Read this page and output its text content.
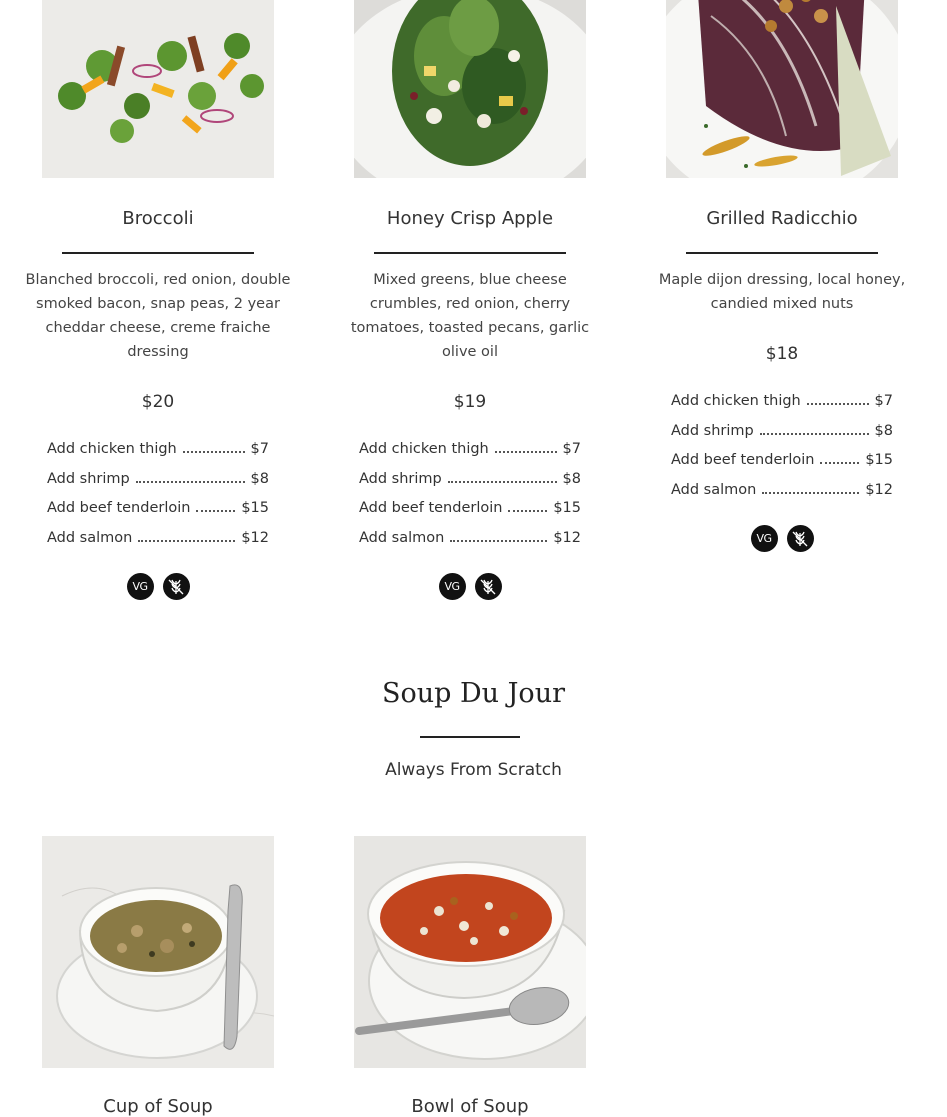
Broccoli
Blanched broccoli, red onion, double smoked bacon, snap peas, 2 year cheddar cheese, creme fraiche dressing
$20
Add chicken thigh	$7
Add shrimp	$8
Add beef tenderloin	$15
Add salmon	$12
VG
Honey Crisp Apple
Mixed greens, blue cheese crumbles, red onion, cherry tomatoes, toasted pecans, garlic olive oil
$19
Add chicken thigh	$7
Add shrimp	$8
Add beef tenderloin	$15
Add salmon	$12
VG
Grilled Radicchio
Maple dijon dressing, local honey, candied mixed nuts
$18
Add chicken thigh	$7
Add shrimp	$8
Add beef tenderloin	$15
Add salmon	$12
VG
Soup Du Jour
Always From Scratch
Cup of Soup	Bowl of Soup
